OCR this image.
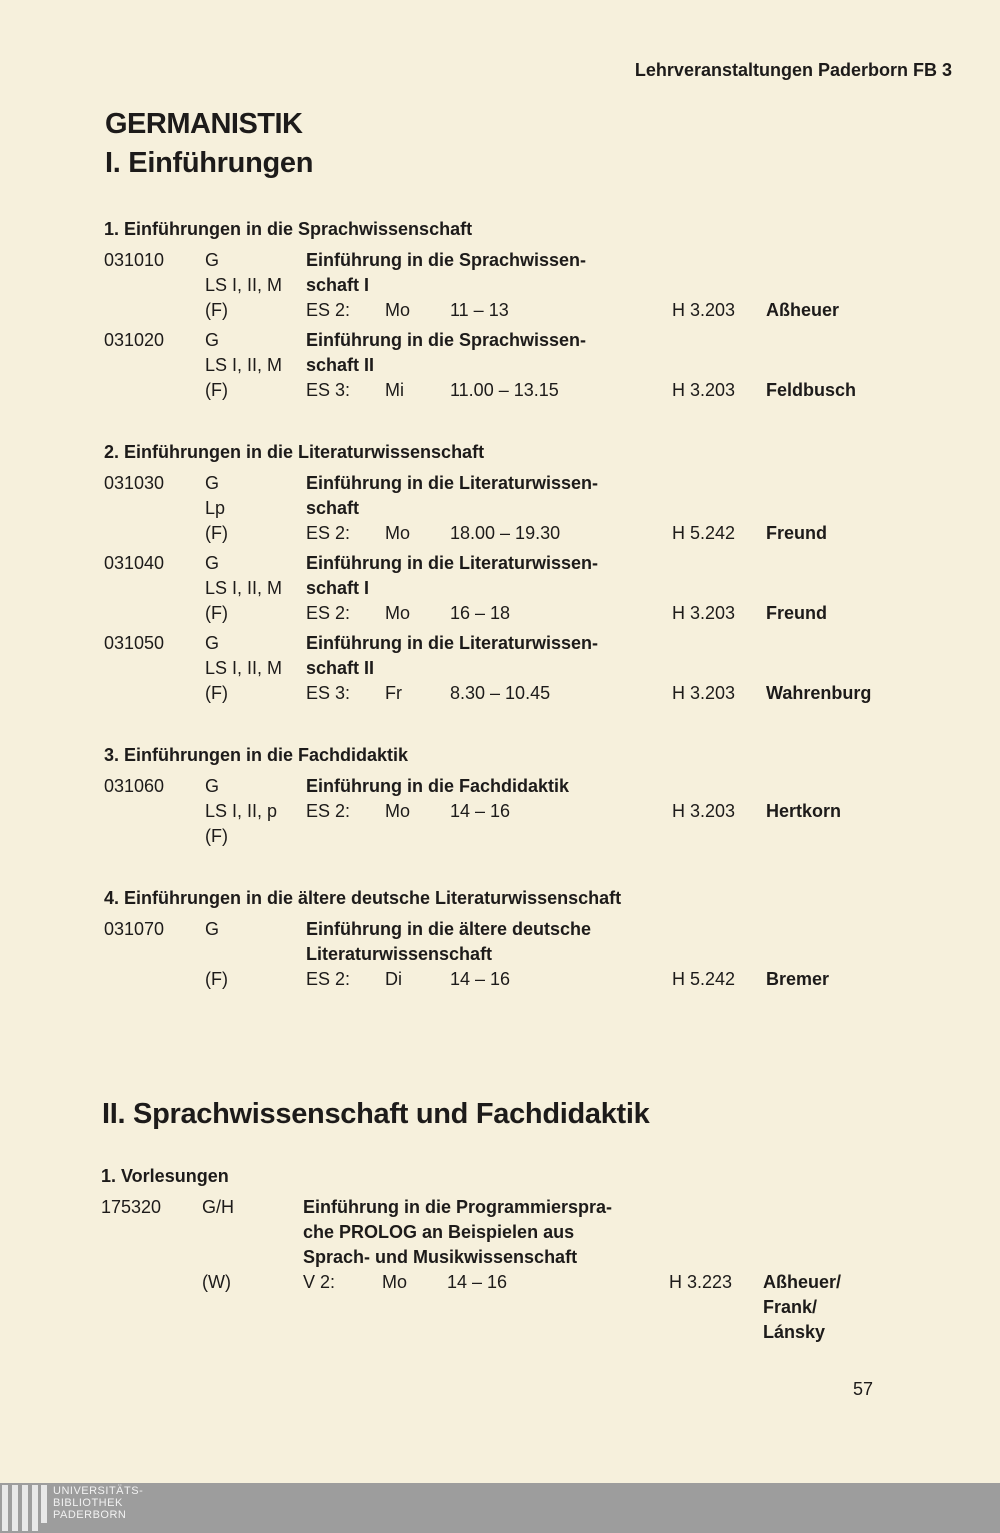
Lehrveranstaltungen Paderborn FB 3
GERMANISTIK
I. Einführungen
1. Einführungen in die Sprachwissenschaft
031010 G	Einführung in die Sprachwissen-
LS I, II, M schaft I
(F)	ES 2: Mo 11 – 13	H 3.203 Aßheuer
031020 G	Einführung in die Sprachwissen-
LS I, II, M schaft II
(F)	ES 3: Mi	11.00 – 13.15	H 3.203 Feldbusch
2. Einführungen in die Literaturwissenschaft
031030 G	Einführung in die Literaturwissen-
Lp	schaft
(F)	ES 2: Mo 18.00 – 19.30	H 5.242 Freund
031040 G	Einführung in die Literaturwissen-
LS I, II, M schaft I
(F)	ES 2: Mo 16 – 18	H 3.203 Freund
031050 G	Einführung in die Literaturwissen-
LS I, II, M schaft II
(F)	ES 3: Fr	8.30 – 10.45	H 3.203 Wahrenburg
3. Einführungen in die Fachdidaktik
031060 G	Einführung in die Fachdidaktik
LS I, II, p ES 2: Mo 14 – 16	H 3.203 Hertkorn
(F)
4. Einführungen in die ältere deutsche Literaturwissenschaft
031070 G	Einführung in die ältere deutsche
Literaturwissenschaft
(F)	ES 2: Di	14 – 16	H 5.242 Bremer
II. Sprachwissenschaft und Fachdidaktik
1. Vorlesungen
175320 G/H	Einführung in die Programmierspra-
che PROLOG an Beispielen aus
Sprach- und Musikwissenschaft
(W)	V 2:	Mo 14 – 16	H 3.223 Aßheuer/
Frank/
Lánsky
57
UNIVERSITÄTS-
BIBLIOTHEK
PADERBORN
